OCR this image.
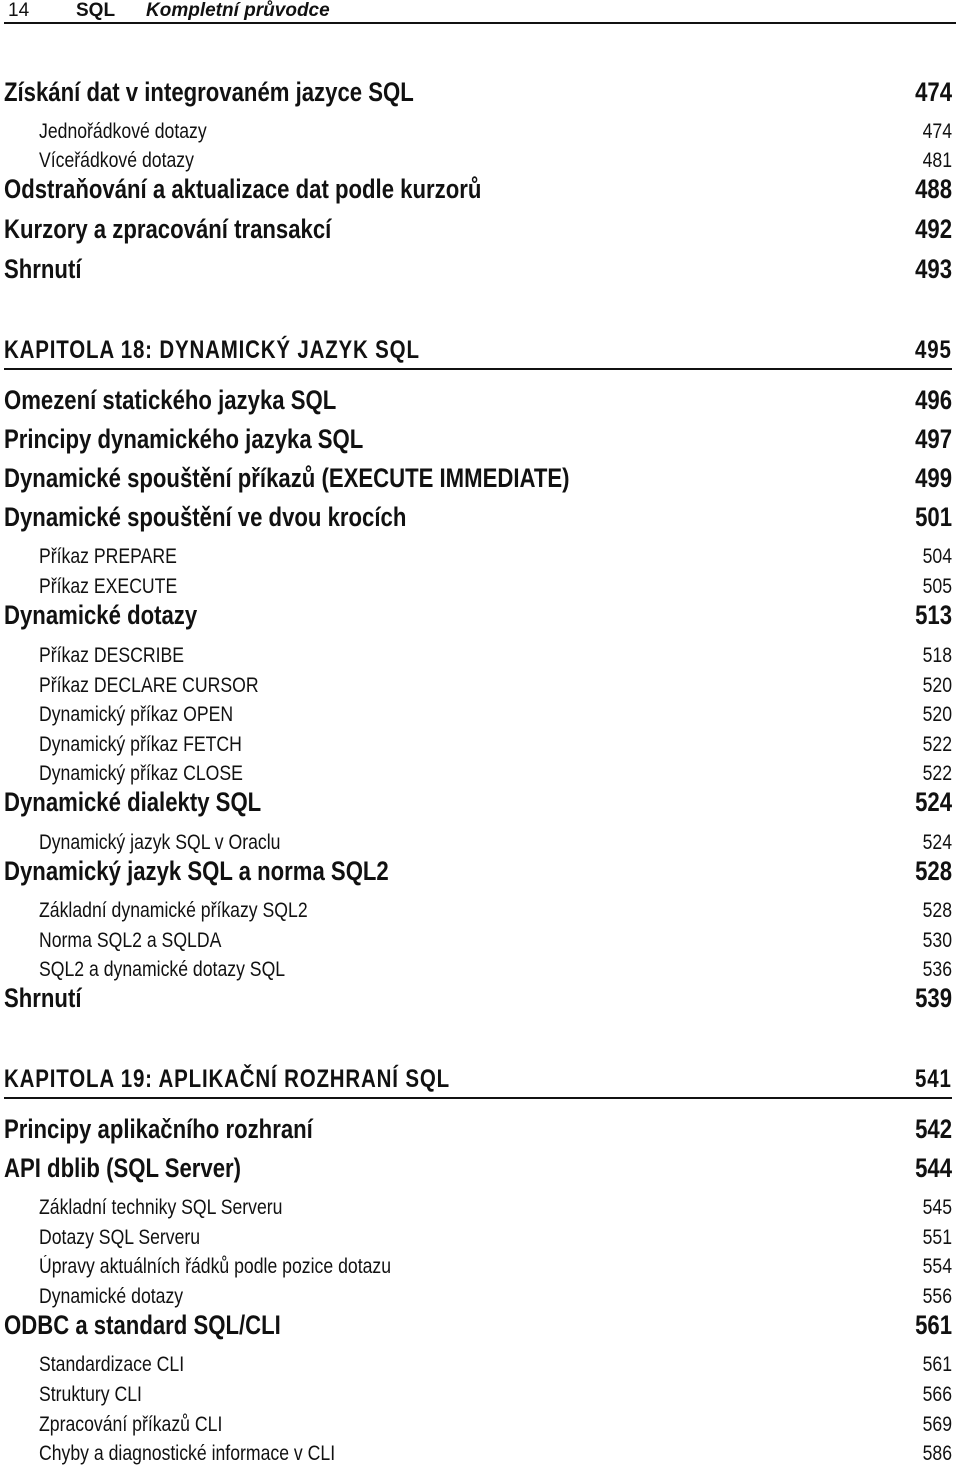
14 SQL Kompletní průvodce
Získání dat v integrovaném jazyce SQL	474
Jednořádkové dotazy	474
Víceřádkové dotazy	481
Odstraňování a aktualizace dat podle kurzorů	488
Kurzory a zpracování transakcí	492
Shrnutí	493
KAPITOLA 18: DYNAMICKÝ JAZYK SQL	495
Omezení statického jazyka SQL	496
Principy dynamického jazyka SQL	497
Dynamické spouštění příkazů (EXECUTE IMMEDIATE)	499
Dynamické spouštění ve dvou krocích	501
Příkaz PREPARE	504
Příkaz EXECUTE	505
Dynamické dotazy	513
Příkaz DESCRIBE	518
Příkaz DECLARE CURSOR	520
Dynamický příkaz OPEN	520
Dynamický příkaz FETCH	522
Dynamický příkaz CLOSE	522
Dynamické dialekty SQL	524
Dynamický jazyk SQL v Oraclu	524
Dynamický jazyk SQL a norma SQL2	528
Základní dynamické příkazy SQL2	528
Norma SQL2 a SQLDA	530
SQL2 a dynamické dotazy SQL	536
Shrnutí	539
KAPITOLA 19: APLIKAČNÍ ROZHRANÍ SQL	541
Principy aplikačního rozhraní	542
API dblib (SQL Server)	544
Základní techniky SQL Serveru	545
Dotazy SQL Serveru	551
Úpravy aktuálních řádků podle pozice dotazu	554
Dynamické dotazy	556
ODBC a standard SQL/CLI	561
Standardizace CLI	561
Struktury CLI	566
Zpracování příkazů CLI	569
Chyby a diagnostické informace v CLI	586
